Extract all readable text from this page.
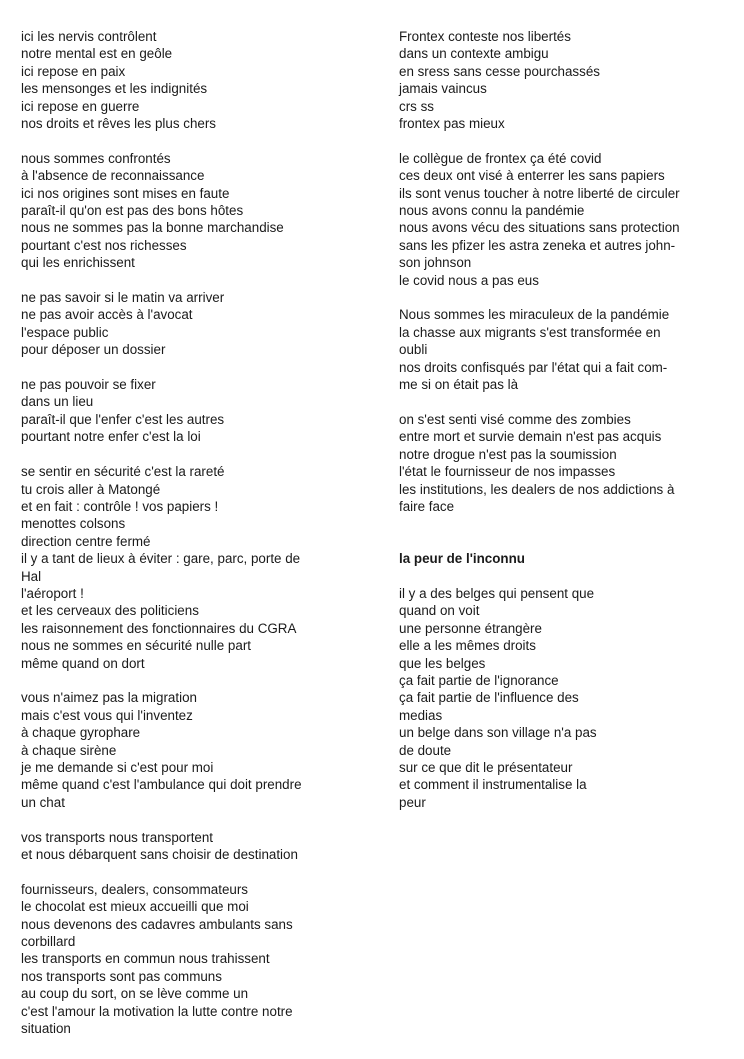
ici les nervis contrôlent
notre mental est en geôle
ici repose en paix
les mensonges et les indignités
ici repose en guerre
nos droits et rêves les plus chers
nous sommes confrontés
à l'absence de reconnaissance
ici nos origines sont mises en faute
paraît-il qu'on est pas des bons hôtes
nous ne sommes pas la bonne marchandise
pourtant c'est nos richesses
qui les enrichissent
ne pas savoir si le matin va arriver
ne pas avoir accès à l'avocat
l'espace public
pour déposer un dossier
ne pas pouvoir se fixer
dans un lieu
paraît-il que l'enfer c'est les autres
pourtant notre enfer c'est la loi
se sentir en sécurité c'est la rareté
tu crois aller à Matongé
et en fait : contrôle ! vos papiers !
menottes colsons
direction centre fermé
il y a tant de lieux à éviter : gare, parc, porte de
Hal
l'aéroport !
et les cerveaux des politiciens
les raisonnement des fonctionnaires du CGRA
nous ne sommes en sécurité nulle part
même quand on dort
vous n'aimez pas la migration
mais c'est vous qui l'inventez
à chaque gyrophare
à chaque sirène
je me demande si c'est pour moi
même quand c'est l'ambulance qui doit prendre
un chat
vos transports nous transportent
et nous débarquent sans choisir de destination
fournisseurs, dealers, consommateurs
le chocolat est mieux accueilli que moi
nous devenons des cadavres ambulants sans
corbillard
les transports en commun nous trahissent
nos transports sont pas communs
au coup du sort, on se lève comme un
c'est l'amour la motivation la lutte contre notre
situation
Frontex conteste nos libertés
dans un contexte ambigu
en sress sans cesse pourchassés
jamais vaincus
crs ss
frontex pas mieux
le collègue de frontex ça été covid
ces deux ont visé à enterrer les sans papiers
ils sont venus toucher à notre liberté de circuler
nous avons connu la pandémie
nous avons vécu des situations sans protection
sans les pfizer les astra zeneka et autres john-
son johnson
le covid nous a pas eus
Nous sommes les miraculeux de la pandémie
la chasse aux migrants s'est transformée en
oubli
nos droits confisqués par l'état qui a fait com-
me si on était pas là
on s'est senti visé comme des zombies
entre mort et survie demain n'est pas acquis
notre drogue n'est pas la soumission
l'état le fournisseur de nos impasses
les institutions, les dealers de nos addictions à
faire face
la peur de l'inconnu
il y a des belges qui pensent que
quand on voit
une personne étrangère
elle a les mêmes droits
que les belges
ça fait partie de l'ignorance
ça fait partie de l'influence des
medias
un belge dans son village n'a pas
de doute
sur ce que dit le présentateur
et comment il instrumentalise la
peur
